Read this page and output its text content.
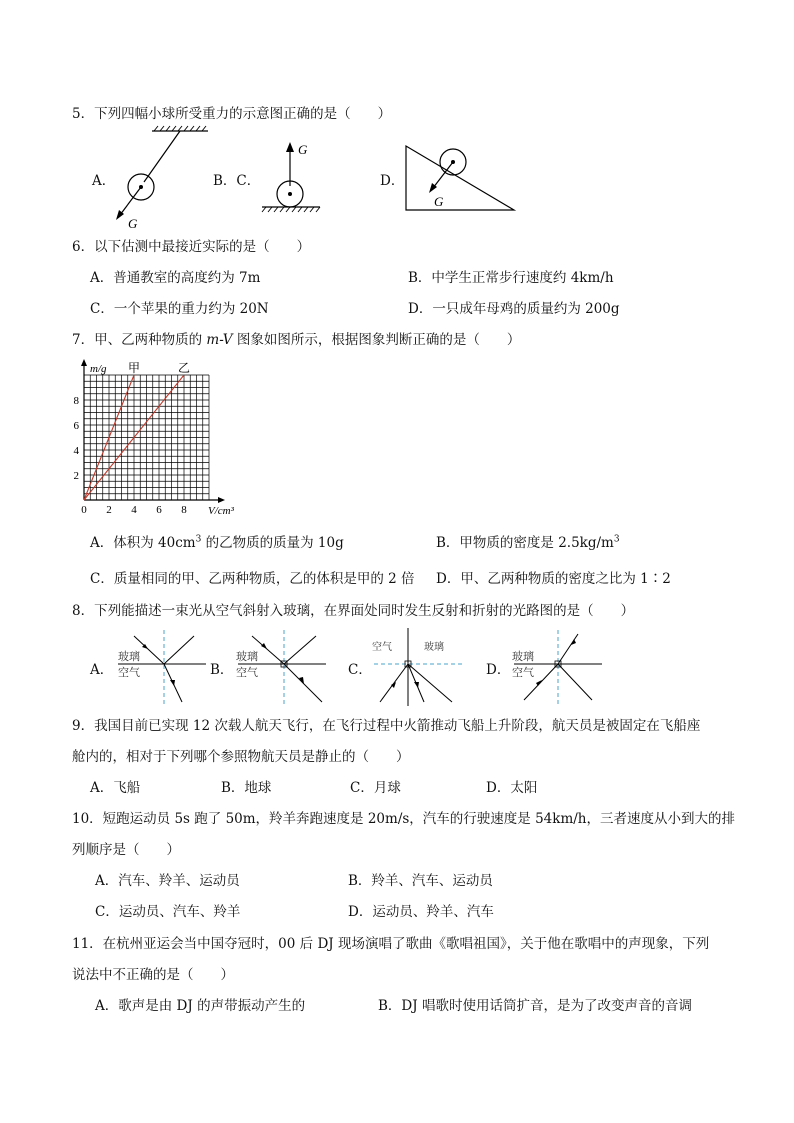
5．下列四幅小球所受重力的示意图正确的是（　　）
A．	B．C．	D．
G
G
G
6．以下估测中最接近实际的是（　　）
A．普通教室的高度约为 7m	B．中学生正常步行速度约 4km/h
C．一个苹果的重力约为 20N	D．一只成年母鸡的质量约为 200g
7．甲、乙两种物质的 m-V 图象如图所示，根据图象判断正确的是（　　）
0 2 4 6 8
2
4
6
8
甲	乙
m/g
V/cm³
A．体积为 $40cm^3$ 的乙物质的质量为 10g	B．甲物质的密度是 $2.5kg/m^3$
C．质量相同的甲、乙两种物质，乙的体积是甲的 2 倍 D．甲、乙两种物质的密度之比为 1∶2
8．下列能描述一束光从空气斜射入玻璃，在界面处同时发生反射和折射的光路图的是（　　）
A．	B．	C．	D．
玻璃
空气
玻璃
空气
空气	玻璃
玻璃
空气
9．我国目前已实现 12 次载人航天飞行，在飞行过程中火箭推动飞船上升阶段，航天员是被固定在飞船座
舱内的，相对于下列哪个参照物航天员是静止的（　　）
A．飞船	B．地球	C．月球	D．太阳
10．短跑运动员 5s 跑了 50m，羚羊奔跑速度是 20m/s，汽车的行驶速度是 54km/h，三者速度从小到大的排
列顺序是（　　）
A．汽车、羚羊、运动员	B．羚羊、汽车、运动员
C．运动员、汽车、羚羊	D．运动员、羚羊、汽车
11．在杭州亚运会当中国夺冠时，00 后 DJ 现场演唱了歌曲《歌唱祖国》，关于他在歌唱中的声现象，下列
说法中不正确的是（　　）
A．歌声是由 DJ 的声带振动产生的	B．DJ 唱歌时使用话筒扩音，是为了改变声音的音调
